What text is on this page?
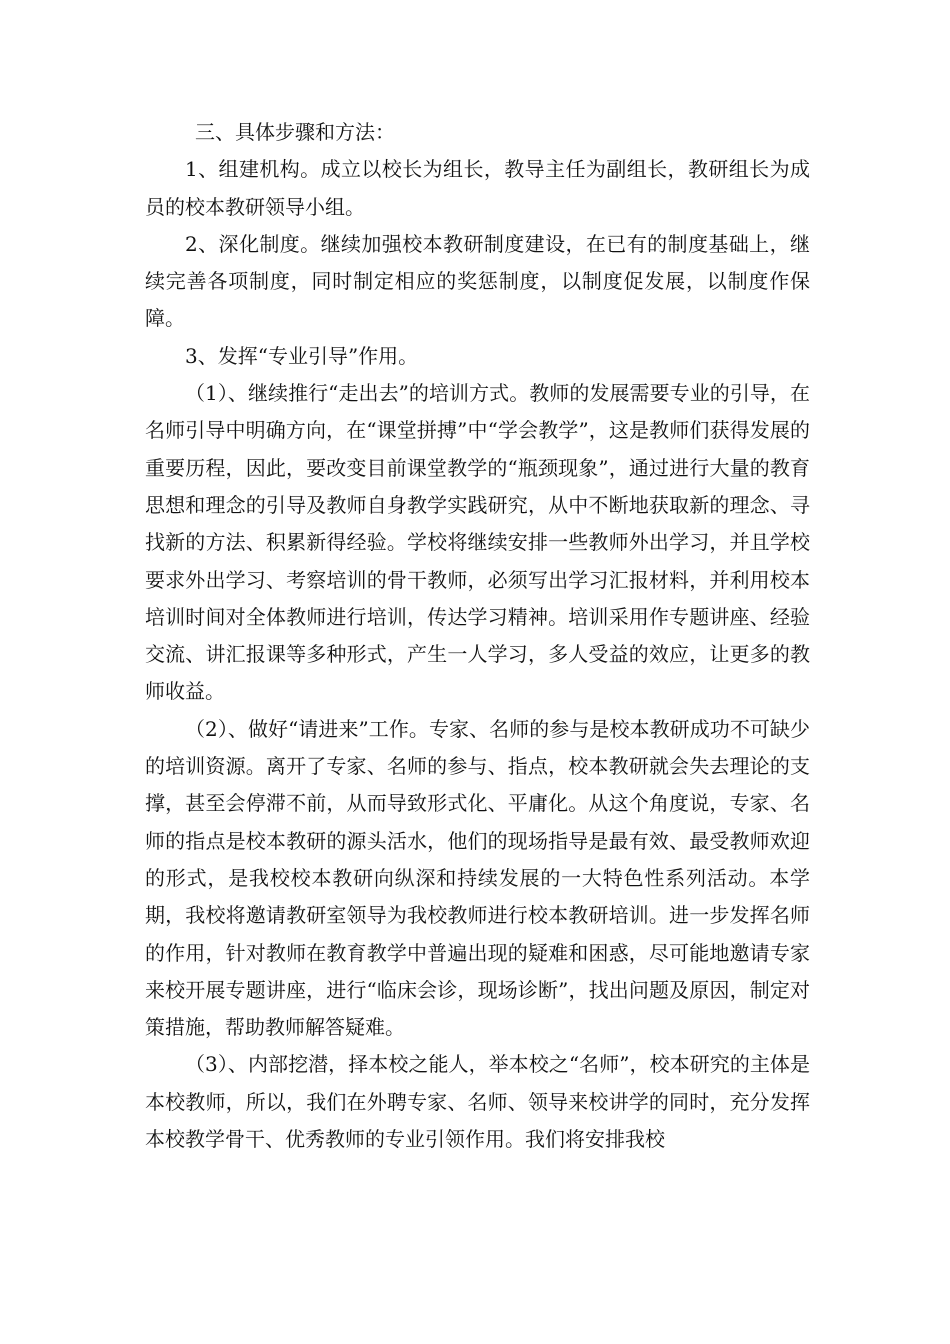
三、具体步骤和方法：

1、组建机构。成立以校长为组长，教导主任为副组长，教研组长为成员的校本教研领导小组。

2、深化制度。继续加强校本教研制度建设，在已有的制度基础上，继续完善各项制度，同时制定相应的奖惩制度，以制度促发展，以制度作保障。

3、发挥“专业引导”作用。

（1）、继续推行“走出去”的培训方式。教师的发展需要专业的引导，在名师引导中明确方向，在“课堂拼搏”中“学会教学”，这是教师们获得发展的重要历程，因此，要改变目前课堂教学的“瓶颈现象”，通过进行大量的教育思想和理念的引导及教师自身教学实践研究，从中不断地获取新的理念、寻找新的方法、积累新得经验。学校将继续安排一些教师外出学习，并且学校要求外出学习、考察培训的骨干教师，必须写出学习汇报材料，并利用校本培训时间对全体教师进行培训，传达学习精神。培训采用作专题讲座、经验交流、讲汇报课等多种形式，产生一人学习，多人受益的效应，让更多的教师收益。

（2）、做好“请进来”工作。专家、名师的参与是校本教研成功不可缺少的培训资源。离开了专家、名师的参与、指点，校本教研就会失去理论的支撑，甚至会停滞不前，从而导致形式化、平庸化。从这个角度说，专家、名师的指点是校本教研的源头活水，他们的现场指导是最有效、最受教师欢迎的形式，是我校校本教研向纵深和持续发展的一大特色性系列活动。本学期，我校将邀请教研室领导为我校教师进行校本教研培训。进一步发挥名师的作用，针对教师在教育教学中普遍出现的疑难和困惑，尽可能地邀请专家来校开展专题讲座，进行“临床会诊，现场诊断”，找出问题及原因，制定对策措施，帮助教师解答疑难。

（3）、内部挖潜，择本校之能人，举本校之“名师”，校本研究的主体是本校教师，所以，我们在外聘专家、名师、领导来校讲学的同时，充分发挥本校教学骨干、优秀教师的专业引领作用。我们将安排我校
